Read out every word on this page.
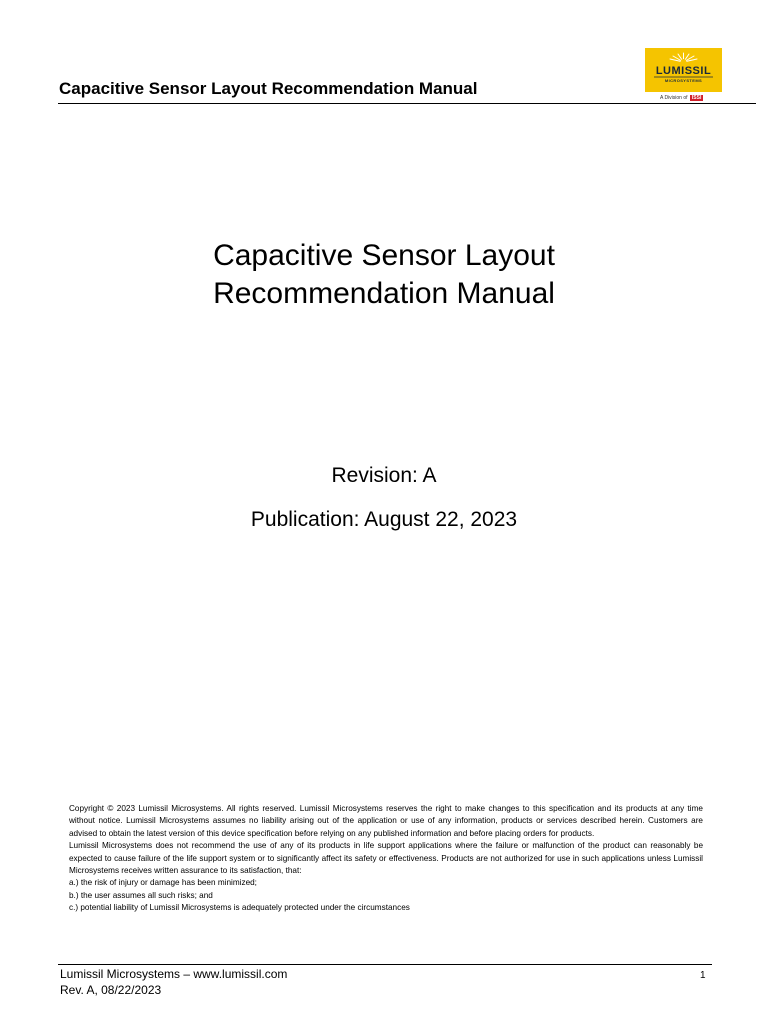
Capacitive Sensor Layout Recommendation Manual
LUMISSIL
MICROSYSTEMS
A Division of ISSI
Capacitive Sensor Layout
Recommendation Manual
Revision: A
Publication: August 22, 2023

Copyright © 2023 Lumissil Microsystems. All rights reserved. Lumissil Microsystems reserves the right to make changes to this specification and its products at any time without notice. Lumissil Microsystems assumes no liability arising out of the application or use of any information, products or services described herein. Customers are advised to obtain the latest version of this device specification before relying on any published information and before placing orders for products.

Lumissil Microsystems does not recommend the use of any of its products in life support applications where the failure or malfunction of the product can reasonably be expected to cause failure of the life support system or to significantly affect its safety or effectiveness. Products are not authorized for use in such applications unless Lumissil Microsystems receives written assurance to its satisfaction, that:

a.) the risk of injury or damage has been minimized;

b.) the user assumes all such risks; and

c.) potential liability of Lumissil Microsystems is adequately protected under the circumstances

Lumissil Microsystems – www.lumissil.com
Rev. A, 08/22/2023
1
